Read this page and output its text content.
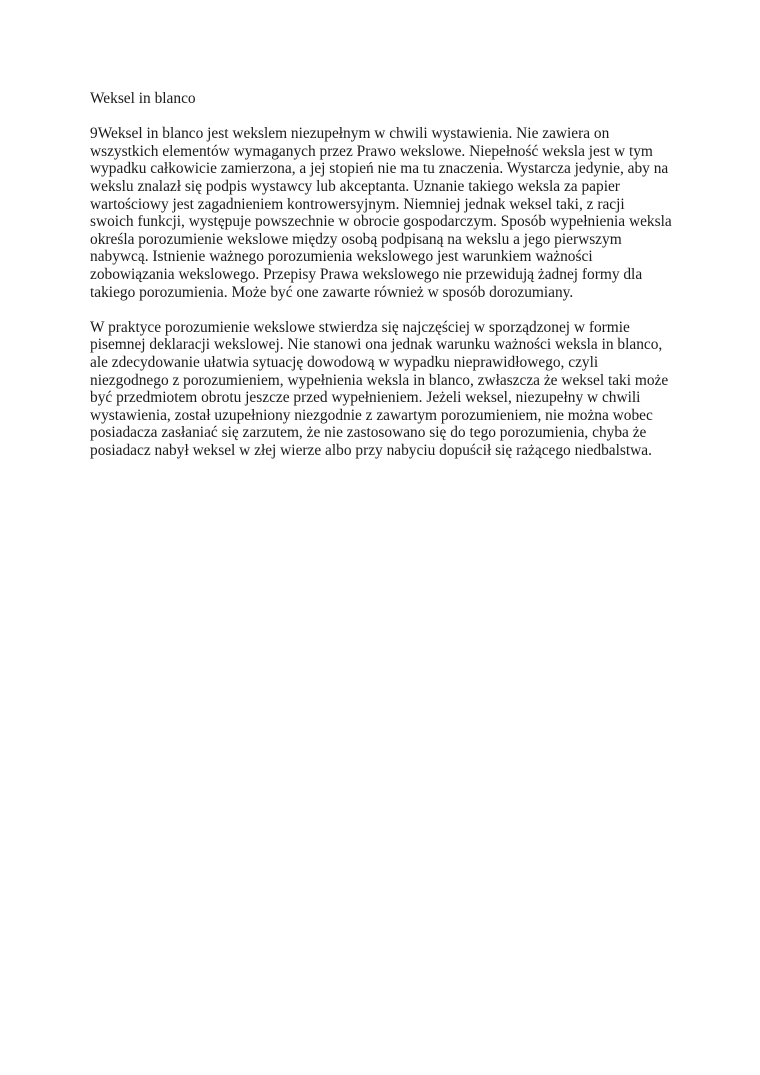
Weksel in blanco
9Weksel in blanco jest wekslem niezupełnym w chwili wystawienia. Nie zawiera on
wszystkich elementów wymaganych przez Prawo wekslowe. Niepełność weksla jest w tym
wypadku całkowicie zamierzona, a jej stopień nie ma tu znaczenia. Wystarcza jedynie, aby na
wekslu znalazł się podpis wystawcy lub akceptanta. Uznanie takiego weksla za papier
wartościowy jest zagadnieniem kontrowersyjnym. Niemniej jednak weksel taki, z racji
swoich funkcji, występuje powszechnie w obrocie gospodarczym. Sposób wypełnienia weksla
określa porozumienie wekslowe między osobą podpisaną na wekslu a jego pierwszym
nabywcą. Istnienie ważnego porozumienia wekslowego jest warunkiem ważności
zobowiązania wekslowego. Przepisy Prawa wekslowego nie przewidują żadnej formy dla
takiego porozumienia. Może być one zawarte również w sposób dorozumiany.
W praktyce porozumienie wekslowe stwierdza się najczęściej w sporządzonej w formie
pisemnej deklaracji wekslowej. Nie stanowi ona jednak warunku ważności weksla in blanco,
ale zdecydowanie ułatwia sytuację dowodową w wypadku nieprawidłowego, czyli
niezgodnego z porozumieniem, wypełnienia weksla in blanco, zwłaszcza że weksel taki może
być przedmiotem obrotu jeszcze przed wypełnieniem. Jeżeli weksel, niezupełny w chwili
wystawienia, został uzupełniony niezgodnie z zawartym porozumieniem, nie można wobec
posiadacza zasłaniać się zarzutem, że nie zastosowano się do tego porozumienia, chyba że
posiadacz nabył weksel w złej wierze albo przy nabyciu dopuścił się rażącego niedbalstwa.
